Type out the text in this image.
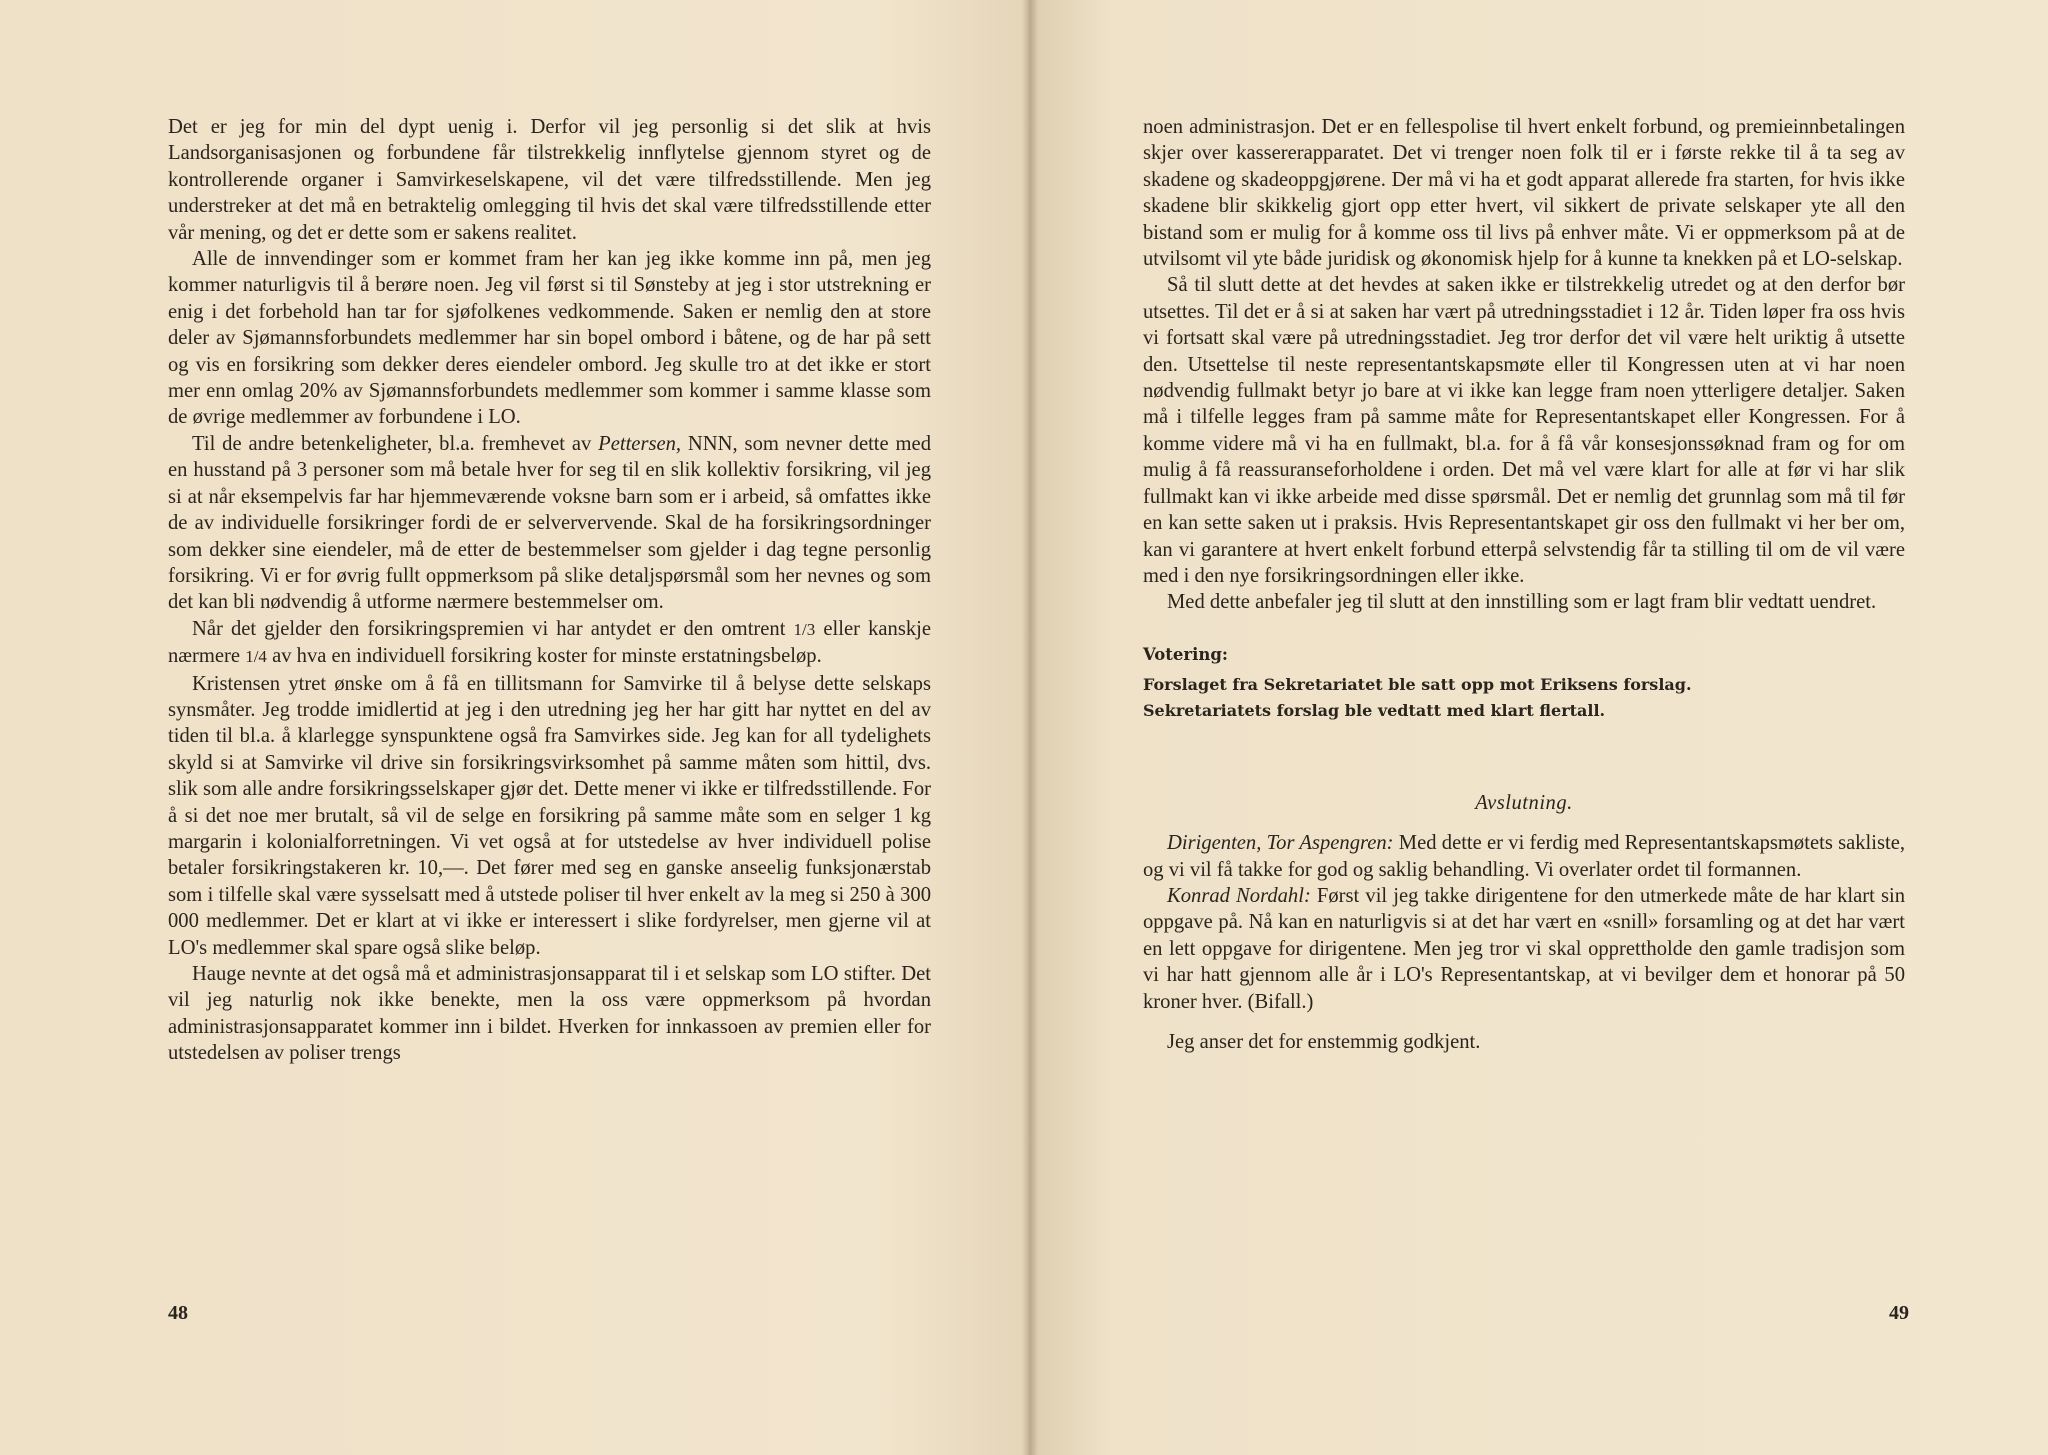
Det er jeg for min del dypt uenig i. Derfor vil jeg personlig si det slik at hvis Landsorganisasjonen og forbundene får tilstrekkelig innflytelse gjennom styret og de kontrollerende organer i Samvirkeselskapene, vil det være tilfredsstillende. Men jeg understreker at det må en betraktelig omlegging til hvis det skal være tilfredsstillende etter vår mening, og det er dette som er sakens realitet.

Alle de innvendinger som er kommet fram her kan jeg ikke komme inn på, men jeg kommer naturligvis til å berøre noen. Jeg vil først si til Sønsteby at jeg i stor utstrekning er enig i det forbehold han tar for sjøfolkenes vedkommende. Saken er nemlig den at store deler av Sjømannsforbundets medlemmer har sin bopel ombord i båtene, og de har på sett og vis en forsikring som dekker deres eiendeler ombord. Jeg skulle tro at det ikke er stort mer enn omlag 20% av Sjømannsforbundets medlemmer som kommer i samme klasse som de øvrige medlemmer av forbundene i LO.

Til de andre betenkeligheter, bl.a. fremhevet av Pettersen, NNN, som nevner dette med en husstand på 3 personer som må betale hver for seg til en slik kollektiv forsikring, vil jeg si at når eksempelvis far har hjemmeværende voksne barn som er i arbeid, så omfattes ikke de av individuelle forsikringer fordi de er selververvende. Skal de ha forsikringsordninger som dekker sine eiendeler, må de etter de bestemmelser som gjelder i dag tegne personlig forsikring. Vi er for øvrig fullt oppmerksom på slike detaljspørsmål som her nevnes og som det kan bli nødvendig å utforme nærmere bestemmelser om.

Når det gjelder den forsikringspremien vi har antydet er den omtrent 1/3 eller kanskje nærmere 1/4 av hva en individuell forsikring koster for minste erstatningsbeløp.

Kristensen ytret ønske om å få en tillitsmann for Samvirke til å belyse dette selskaps synsmåter. Jeg trodde imidlertid at jeg i den utredning jeg her har gitt har nyttet en del av tiden til bl.a. å klarlegge synspunktene også fra Samvirkes side. Jeg kan for all tydelighets skyld si at Samvirke vil drive sin forsikringsvirksomhet på samme måten som hittil, dvs. slik som alle andre forsikringsselskaper gjør det. Dette mener vi ikke er tilfredsstillende. For å si det noe mer brutalt, så vil de selge en forsikring på samme måte som en selger 1 kg margarin i kolonialforretningen. Vi vet også at for utstedelse av hver individuell polise betaler forsikringstakeren kr. 10,—. Det fører med seg en ganske anseelig funksjonærstab som i tilfelle skal være sysselsatt med å utstede poliser til hver enkelt av la meg si 250 à 300 000 medlemmer. Det er klart at vi ikke er interessert i slike fordyrelser, men gjerne vil at LO's medlemmer skal spare også slike beløp.

Hauge nevnte at det også må et administrasjonsapparat til i et selskap som LO stifter. Det vil jeg naturlig nok ikke benekte, men la oss være oppmerksom på hvordan administrasjonsapparatet kommer inn i bildet. Hverken for innkassoen av premien eller for utstedelsen av poliser trengs

48

noen administrasjon. Det er en fellespolise til hvert enkelt forbund, og premieinnbetalingen skjer over kassererapparatet. Det vi trenger noen folk til er i første rekke til å ta seg av skadene og skadeoppgjørene. Der må vi ha et godt apparat allerede fra starten, for hvis ikke skadene blir skikkelig gjort opp etter hvert, vil sikkert de private selskaper yte all den bistand som er mulig for å komme oss til livs på enhver måte. Vi er oppmerksom på at de utvilsomt vil yte både juridisk og økonomisk hjelp for å kunne ta knekken på et LO-selskap.

Så til slutt dette at det hevdes at saken ikke er tilstrekkelig utredet og at den derfor bør utsettes. Til det er å si at saken har vært på utredningsstadiet i 12 år. Tiden løper fra oss hvis vi fortsatt skal være på utredningsstadiet. Jeg tror derfor det vil være helt uriktig å utsette den. Utsettelse til neste representantskapsmøte eller til Kongressen uten at vi har noen nødvendig fullmakt betyr jo bare at vi ikke kan legge fram noen ytterligere detaljer. Saken må i tilfelle legges fram på samme måte for Representantskapet eller Kongressen. For å komme videre må vi ha en fullmakt, bl.a. for å få vår konsesjonssøknad fram og for om mulig å få reassuranseforholdene i orden. Det må vel være klart for alle at før vi har slik fullmakt kan vi ikke arbeide med disse spørsmål. Det er nemlig det grunnlag som må til før en kan sette saken ut i praksis. Hvis Representantskapet gir oss den fullmakt vi her ber om, kan vi garantere at hvert enkelt forbund etterpå selvstendig får ta stilling til om de vil være med i den nye forsikringsordningen eller ikke.

Med dette anbefaler jeg til slutt at den innstilling som er lagt fram blir vedtatt uendret.

Votering:

Forslaget fra Sekretariatet ble satt opp mot Eriksens forslag.

Sekretariatets forslag ble vedtatt med klart flertall.

Avslutning.

Dirigenten, Tor Aspengren: Med dette er vi ferdig med Representantskapsmøtets sakliste, og vi vil få takke for god og saklig behandling. Vi overlater ordet til formannen.

Konrad Nordahl: Først vil jeg takke dirigentene for den utmerkede måte de har klart sin oppgave på. Nå kan en naturligvis si at det har vært en «snill» forsamling og at det har vært en lett oppgave for dirigentene. Men jeg tror vi skal opprettholde den gamle tradisjon som vi har hatt gjennom alle år i LO's Representantskap, at vi bevilger dem et honorar på 50 kroner hver. (Bifall.)

Jeg anser det for enstemmig godkjent.

49
